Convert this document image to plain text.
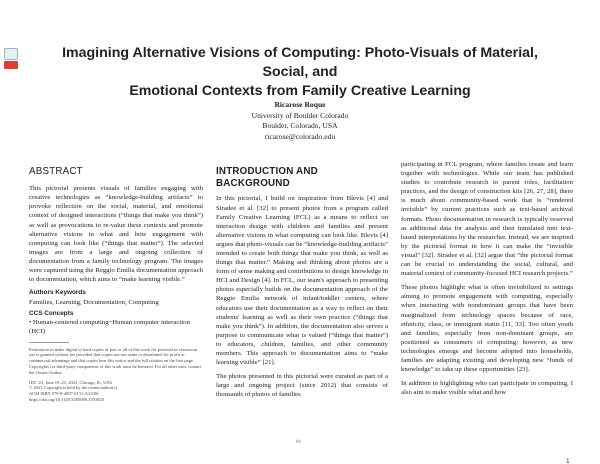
Imagining Alternative Visions of Computing: Photo-Visuals of Material, Social, and
Emotional Contexts from Family Creative Learning
Ricarose Roque
University of Boulder Colorado
Boulder, Colorado, USA
ricarose@colorado.edu
ABSTRACT
This pictorial presents visuals of families engaging with creative technologies as “knowledge-building artifacts” to provoke reflection on the social, material, and emotional context of designed interactions (“things that make you think”) as well as provocations to re-value these contexts and promote alternative visions in what and how engagement with computing can look like (“things that matter”). The selected images are from a large and ongoing collection of documentation from a family technology program. The images were captured using the Reggio Emilia documentation approach to documentation, which aims to “make learning visible.”
Authors Keywords
Families, Learning, Documentation, Computing
CCS Concepts
• Human-centered computing~Human computer interaction (HCI)
Permission to make digital or hard copies of part or all of this work for personal or classroom use is granted without fee provided that copies are not made or distributed for profit or commercial advantage and that copies bear this notice and the full citation on the first page. Copyrights for third-party components of this work must be honored. For all other uses, contact the Owner/Author.
IDC '23, June 19–23, 2023, Chicago, IL, USA
© 2023 Copyright is held by the owner/author(s).
ACM ISBN 979-8-4007-0131-3/23/06.
https://doi.org/10.1145/3585088.3593820
INTRODUCTION AND
BACKGROUND
In this pictorial, I build on inspiration from Blevis [4] and Stradee et al. [32] to present photos from a program called Family Creative Learning (FCL) as a means to reflect on interaction design with children and families and present alternative visions in what computing can look like. Blevis [4] argues that photo-visuals can be “knowledge-building artifacts” intended to create both things that make you think, as well as things that matter.” Making and thinking about photos are a form of sense making and contributions to design knowledge in HCI and Design [4]. In FCL, our team's approach to presenting photos especially builds on the documentation approach of the Reggio Emilia network of infant/toddler centers, where educators use their documentation as a way to reflect on their students' learning as well as their own practice (“things that make you think”). In addition, the documentation also serves a purpose to communicate what is valued (“things that matter”) to educators, children, families, and other community members. This approach to documentation aims to “make learning visible” [21].
The photos presented in this pictorial were curated as part of a large and ongoing project (since 2012) that consists of thousands of photos of families
participating in FCL program, where families create and learn together with technologies. While our team has published studies to contribute research to parent roles, facilitation practices, and the design of construction kits [26, 27, 28], there is much about community-based work that is “rendered invisible” by current practices such as text-based archival formats. Photo documentation in research is typically reserved as additional data for analysis and then translated into text-based interpretations by the researcher. Instead, we are inspired by the pictorial format in how it can make the “invisible visual” [32]. Stradee et al. [32] argue that “the pictorial format can be crucial to understanding the social, cultural, and material context of community-focused HCI research projects.”
These photos highlight what is often invisibilized to settings aiming to promote engagement with computing, especially when interacting with nondominant groups that have been marginalized from technology spaces because of race, ethnicity, class, or immigrant status [11, 33]. Too often youth and families, especially from non-dominant groups, are positioned as consumers of computing; however, as new technologies emerge and become adopted into households, families are adapting existing and developing new “funds of knowledge” to take up these opportunities [23].
In addition to highlighting who can participate in computing, I also aim to make visible what and how
68
1
